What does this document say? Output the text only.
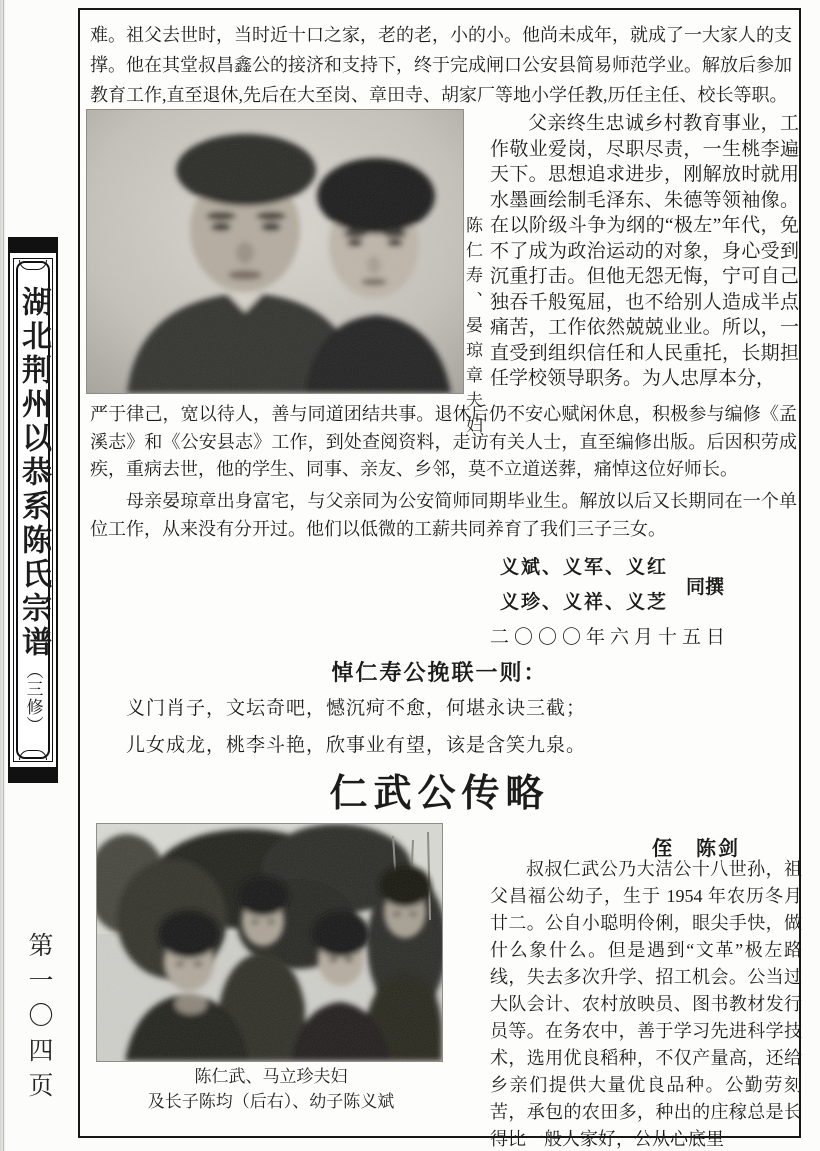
湖北荆州以恭系陈氏宗谱
（三修）
第一〇四页
难。祖父去世时，当时近十口之家，老的老，小的小。他尚未成年，就成了一大家人的支撑。他在其堂叔昌鑫公的接济和支持下，终于完成闸口公安县简易师范学业。解放后参加教育工作,直至退休,先后在大至岗、章田寺、胡家厂等地小学任教,历任主任、校长等职。
陈仁寿、晏琼章夫妇
父亲终生忠诚乡村教育事业，工作敬业爱岗，尽职尽责，一生桃李遍天下。思想追求进步，刚解放时就用水墨画绘制毛泽东、朱德等领袖像。在以阶级斗争为纲的“极左”年代，免不了成为政治运动的对象，身心受到沉重打击。但他无怨无悔，宁可自己独吞千般冤屈，也不给别人造成半点痛苦，工作依然兢兢业业。所以，一直受到组织信任和人民重托，长期担任学校领导职务。为人忠厚本分，
严于律己，宽以待人，善与同道团结共事。退休后仍不安心赋闲休息，积极参与编修《孟溪志》和《公安县志》工作，到处查阅资料，走访有关人士，直至编修出版。后因积劳成疾，重病去世，他的学生、同事、亲友、乡邻，莫不立道送葬，痛悼这位好师长。
母亲晏琼章出身富宅，与父亲同为公安简师同期毕业生。解放以后又长期同在一个单位工作，从来没有分开过。他们以低微的工薪共同养育了我们三子三女。
义斌、义军、义红
义珍、义祥、义芝
同撰
二〇〇〇年六月十五日
悼仁寿公挽联一则：
义门肖子，文坛奇吧，憾沉疴不愈，何堪永诀三截；
儿女成龙，桃李斗艳，欣事业有望，该是含笑九泉。
仁武公传略
侄　陈剑
陈仁武、马立珍夫妇
及长子陈均（后右）、幼子陈义斌
叔叔仁武公乃大洁公十八世孙，祖父昌福公幼子，生于 1954 年农历冬月廿二。公自小聪明伶俐，眼尖手快，做什么象什么。但是遇到“文革”极左路线，失去多次升学、招工机会。公当过大队会计、农村放映员、图书教材发行员等。在务农中，善于学习先进科学技术，选用优良稻种，不仅产量高，还给乡亲们提供大量优良品种。公勤劳刻苦，承包的农田多，种出的庄稼总是长得比一般人家好，公从心底里
